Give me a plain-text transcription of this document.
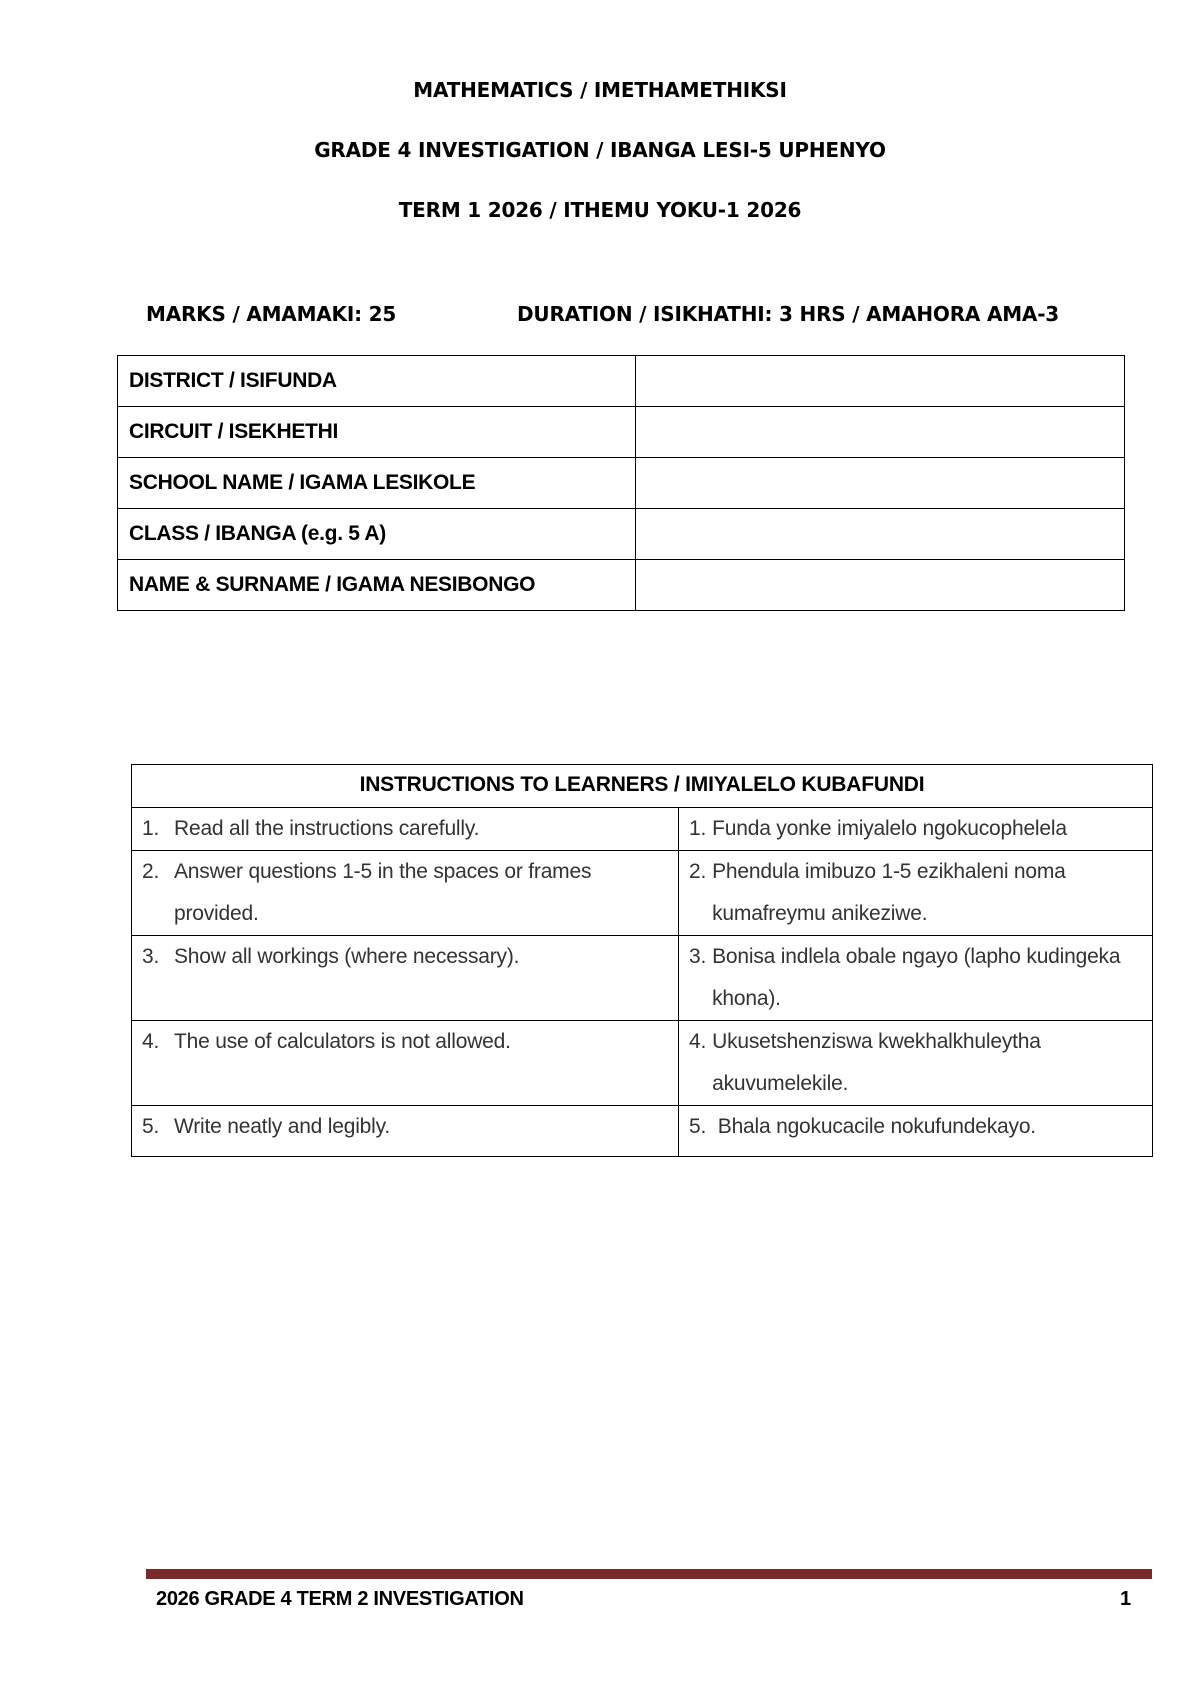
MATHEMATICS / IMETHAMETHIKSI
GRADE 4 INVESTIGATION / IBANGA LESI-5 UPHENYO
TERM 1 2026 / ITHEMU YOKU-1 2026
MARKS / AMAMAKI: 25	DURATION / ISIKHATHI: 3 HRS / AMAHORA AMA-3
DISTRICT / ISIFUNDA	
CIRCUIT / ISEKHETHI	
SCHOOL NAME / IGAMA LESIKOLE	
CLASS / IBANGA (e.g. 5 A)	
NAME & SURNAME / IGAMA NESIBONGO	
INSTRUCTIONS TO LEARNERS / IMIYALELO KUBAFUNDI	

1. Read all the instructions carefully.	1. Funda yonke imiyalelo ngokucophelela

2. Answer questions 1-5 in the spaces or frames provided.	2. Phendula imibuzo 1-5 ezikhaleni noma kumafreymu anikeziwe.

3. Show all workings (where necessary).	3. Bonisa indlela obale ngayo (lapho kudingeka khona).

4. The use of calculators is not allowed.	4. Ukusetshenziswa kwekhalkhuleytha akuvumelekile.

5. Write neatly and legibly.	5. Bhala ngokucacile nokufundekayo.
2026 GRADE 4 TERM 2 INVESTIGATION	1
